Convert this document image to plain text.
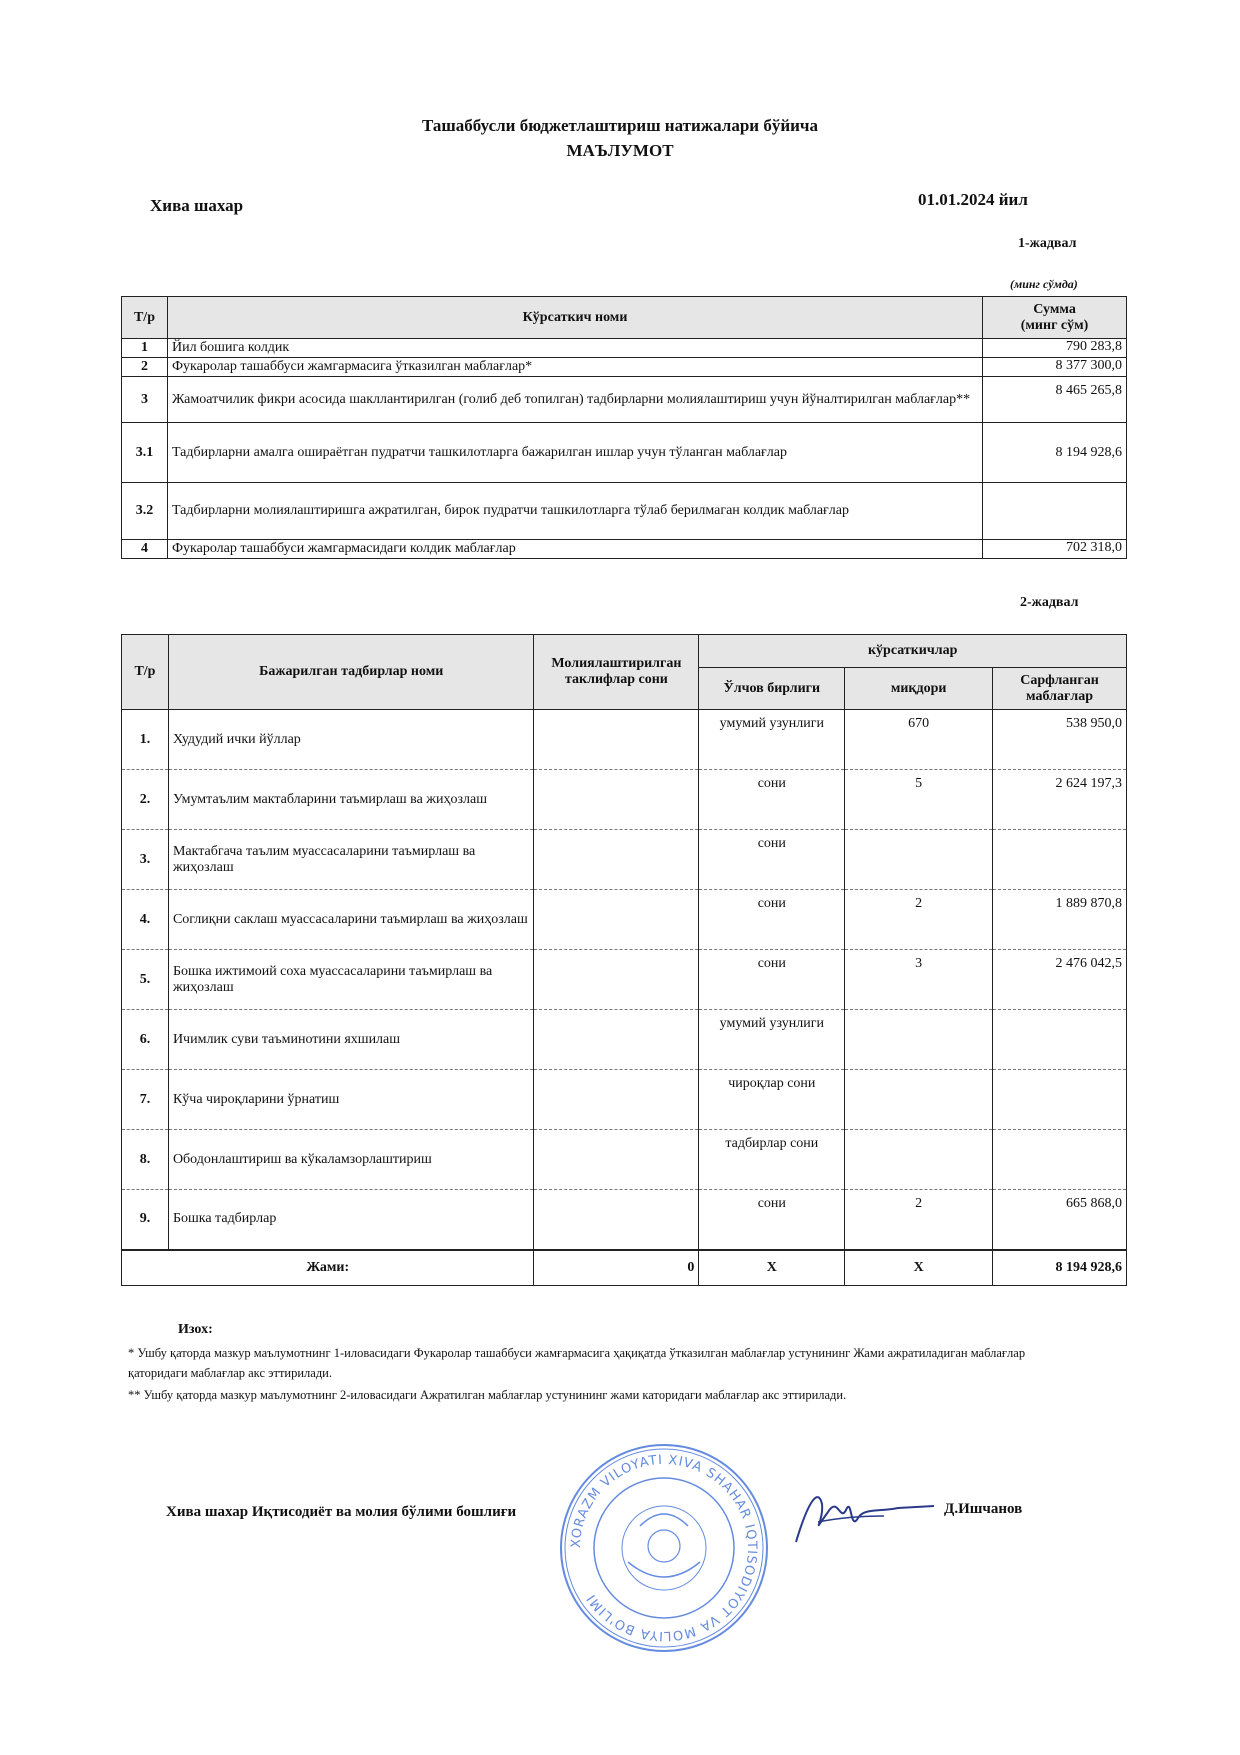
Ташаббусли бюджетлаштириш натижалари бўйича
МАЪЛУМОТ
Хива шахар	01.01.2024 йил
1-жадвал
(минг сўмда)
Т/р	Кўрсаткич номи	Сумма
(минг сўм)

1	Йил бошига колдик	790 283,8
2	Фукаролар ташаббуси жамгармасига ўтказилган маблағлар*	8 377 300,0
3	Жамоатчилик фикри асосида шакллантирилган (голиб деб топилган) тадбирларни молиялаштириш учун йўналтирилган маблағлар**	8 465 265,8
3.1	Тадбирларни амалга ошираётган пудратчи ташкилотларга бажарилган ишлар учун тўланган маблағлар	8 194 928,6
3.2	Тадбирларни молиялаштиришга ажратилган, бирок пудратчи ташкилотларга тўлаб берилмаган колдик маблағлар	
4	Фукаролар ташаббуси жамгармасидаги колдик маблағлар	702 318,0
2-жадвал
Т/р	Бажарилган тадбирлар номи	Молиялаштирилган
таклифлар сони	кўрсаткичлар		
			Ўлчов бирлиги	миқдори	Сарфланган
маблағлар

1.	Худудий ички йўллар		умумий узунлиги	670	538 950,0
2.	Умумтаълим мактабларини таъмирлаш ва жиҳозлаш		сони	5	2 624 197,3
3.	Мактабгача таълим муассасаларини таъмирлаш ва жиҳозлаш		сони		
4.	Соглиқни саклаш муассасаларини таъмирлаш ва жиҳозлаш		сони	2	1 889 870,8
5.	Бошка ижтимоий соха муассасаларини таъмирлаш ва жиҳозлаш		сони	3	2 476 042,5
6.	Ичимлик суви таъминотини яхшилаш		умумий узунлиги		
7.	Кўча чироқларини ўрнатиш		чироқлар сони		
8.	Ободонлаштириш ва кўкаламзорлаштириш		тадбирлар сони		
9.	Бошка тадбирлар		сони	2	665 868,0
Жами:		0	X	X	8 194 928,6
Изох:
* Ушбу қаторда мазкур маълумотнинг 1-иловасидаги Фукаролар ташаббуси жамғармасига ҳақиқатда ўтказилган маблағлар устунининг Жами ажратиладиган маблағлар қаторидаги маблағлар акс эттирилади.
** Ушбу қаторда мазкур маълумотнинг 2-иловасидаги Ажратилган маблағлар устунининг жами каторидаги маблағлар акс эттирилади.
Хива шахар Иқтисодиёт ва молия бўлими бошлиғи
XORAZM VILOYATI XIVA SHAHAR IQTISODIYOT VA MOLIYA BO'LIMI
Д.Ишчанов
